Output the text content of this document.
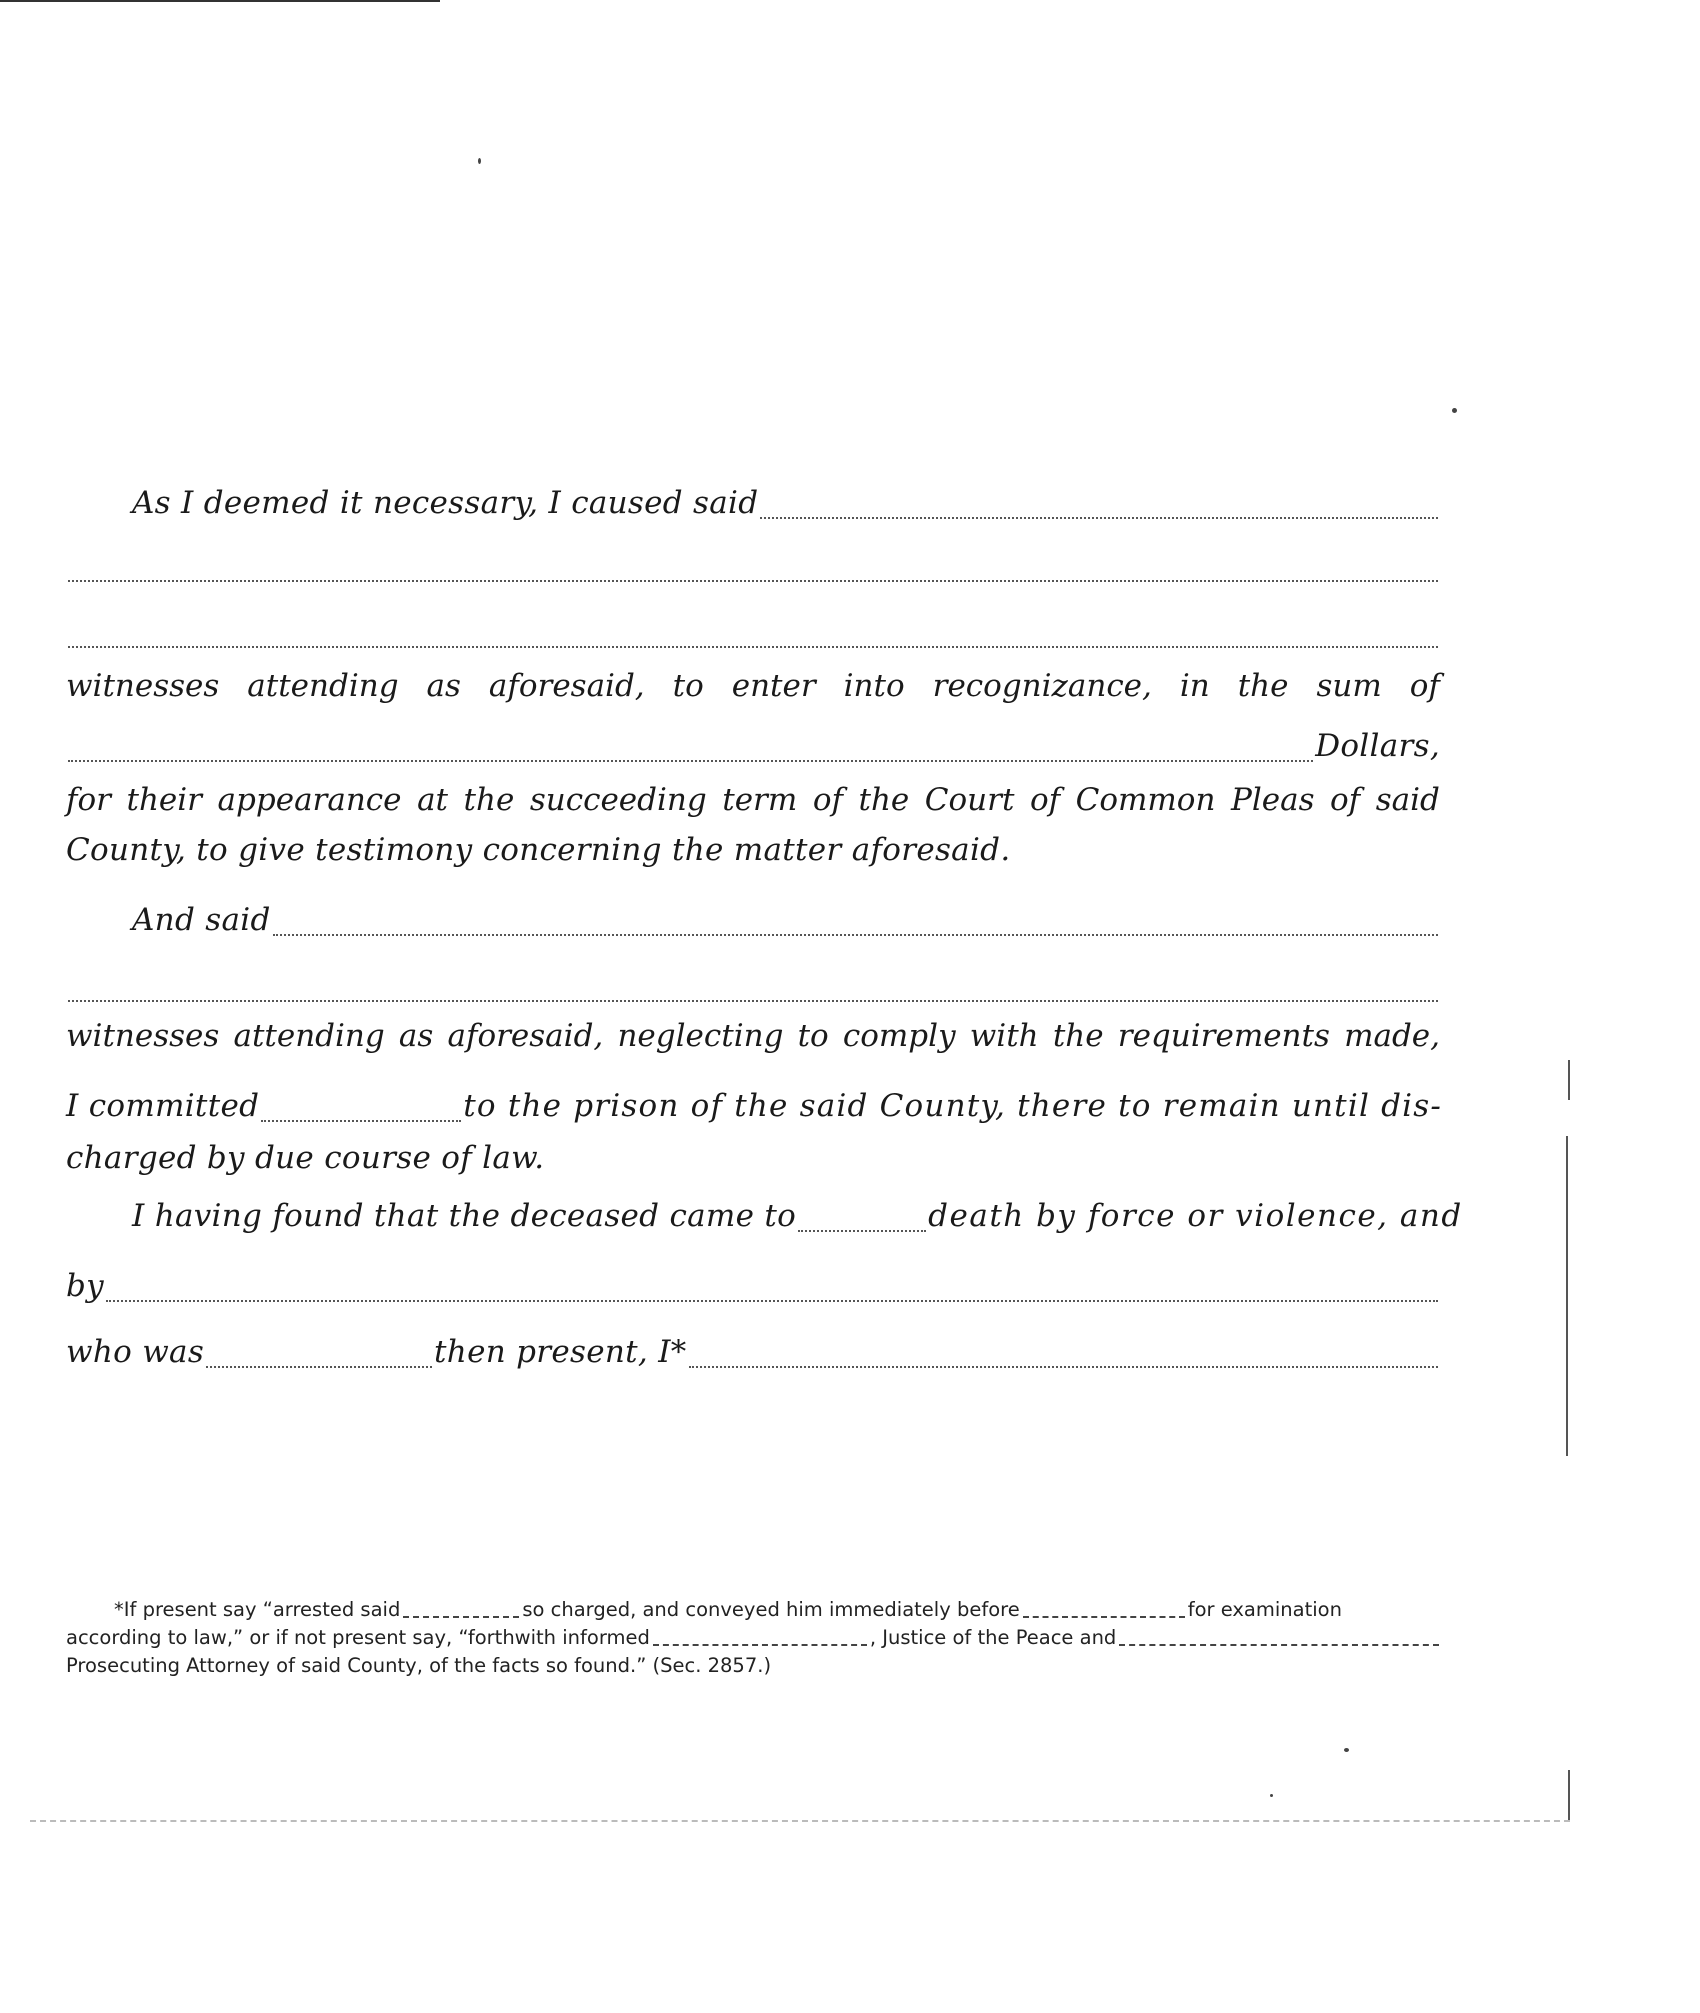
As I deemed it necessary, I caused said
witnesses attending as aforesaid, to enter into recognizance, in the sum of
Dollars,
for their appearance at the succeeding term of the Court of Common Pleas of said
County, to give testimony concerning the matter aforesaid.
And said
witnesses attending as aforesaid, neglecting to comply with the requirements made,
I committed	to the prison of the said County, there to remain until dis-
charged by due course of law.
I having found that the deceased came to	death by force or violence, and
by
who was	then present, I*
*If present say “arrested said	so charged, and conveyed him immediately before	for examination
according to law,” or if not present say, “forthwith informed	, Justice of the Peace and
Prosecuting Attorney of said County, of the facts so found.” (Sec. 2857.)
